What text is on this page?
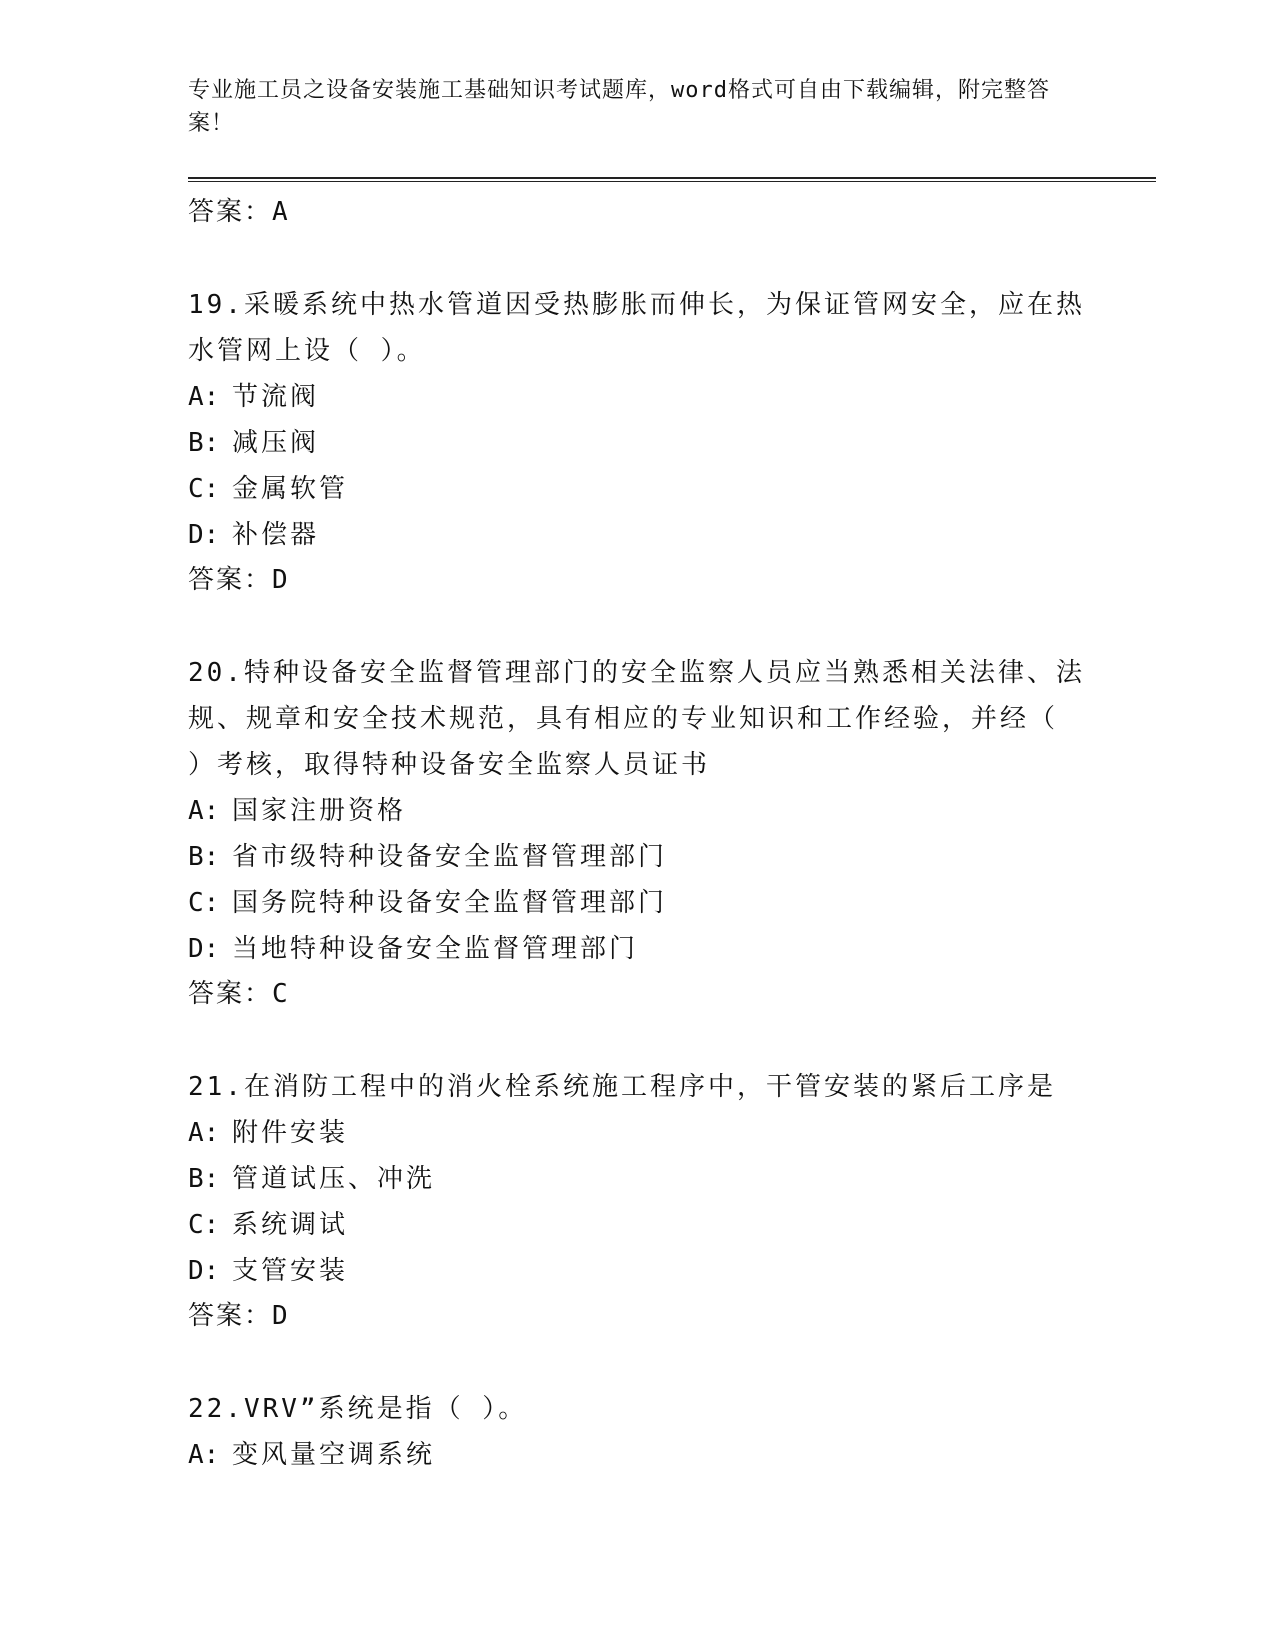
专业施工员之设备安装施工基础知识考试题库，word格式可自由下载编辑，附完整答案！

答案：A

19.采暖系统中热水管道因受热膨胀而伸长，为保证管网安全，应在热水管网上设（ ）。

A: 节流阀

B: 减压阀

C: 金属软管

D: 补偿器

答案：D

20.特种设备安全监督管理部门的安全监察人员应当熟悉相关法律、法规、规章和安全技术规范，具有相应的专业知识和工作经验，并经（ ）考核，取得特种设备安全监察人员证书

A: 国家注册资格

B: 省市级特种设备安全监督管理部门

C: 国务院特种设备安全监督管理部门

D: 当地特种设备安全监督管理部门

答案：C

21.在消防工程中的消火栓系统施工程序中，干管安装的紧后工序是

A: 附件安装

B: 管道试压、冲洗

C: 系统调试

D: 支管安装

答案：D

22.VRV”系统是指（ ）。

A: 变风量空调系统
